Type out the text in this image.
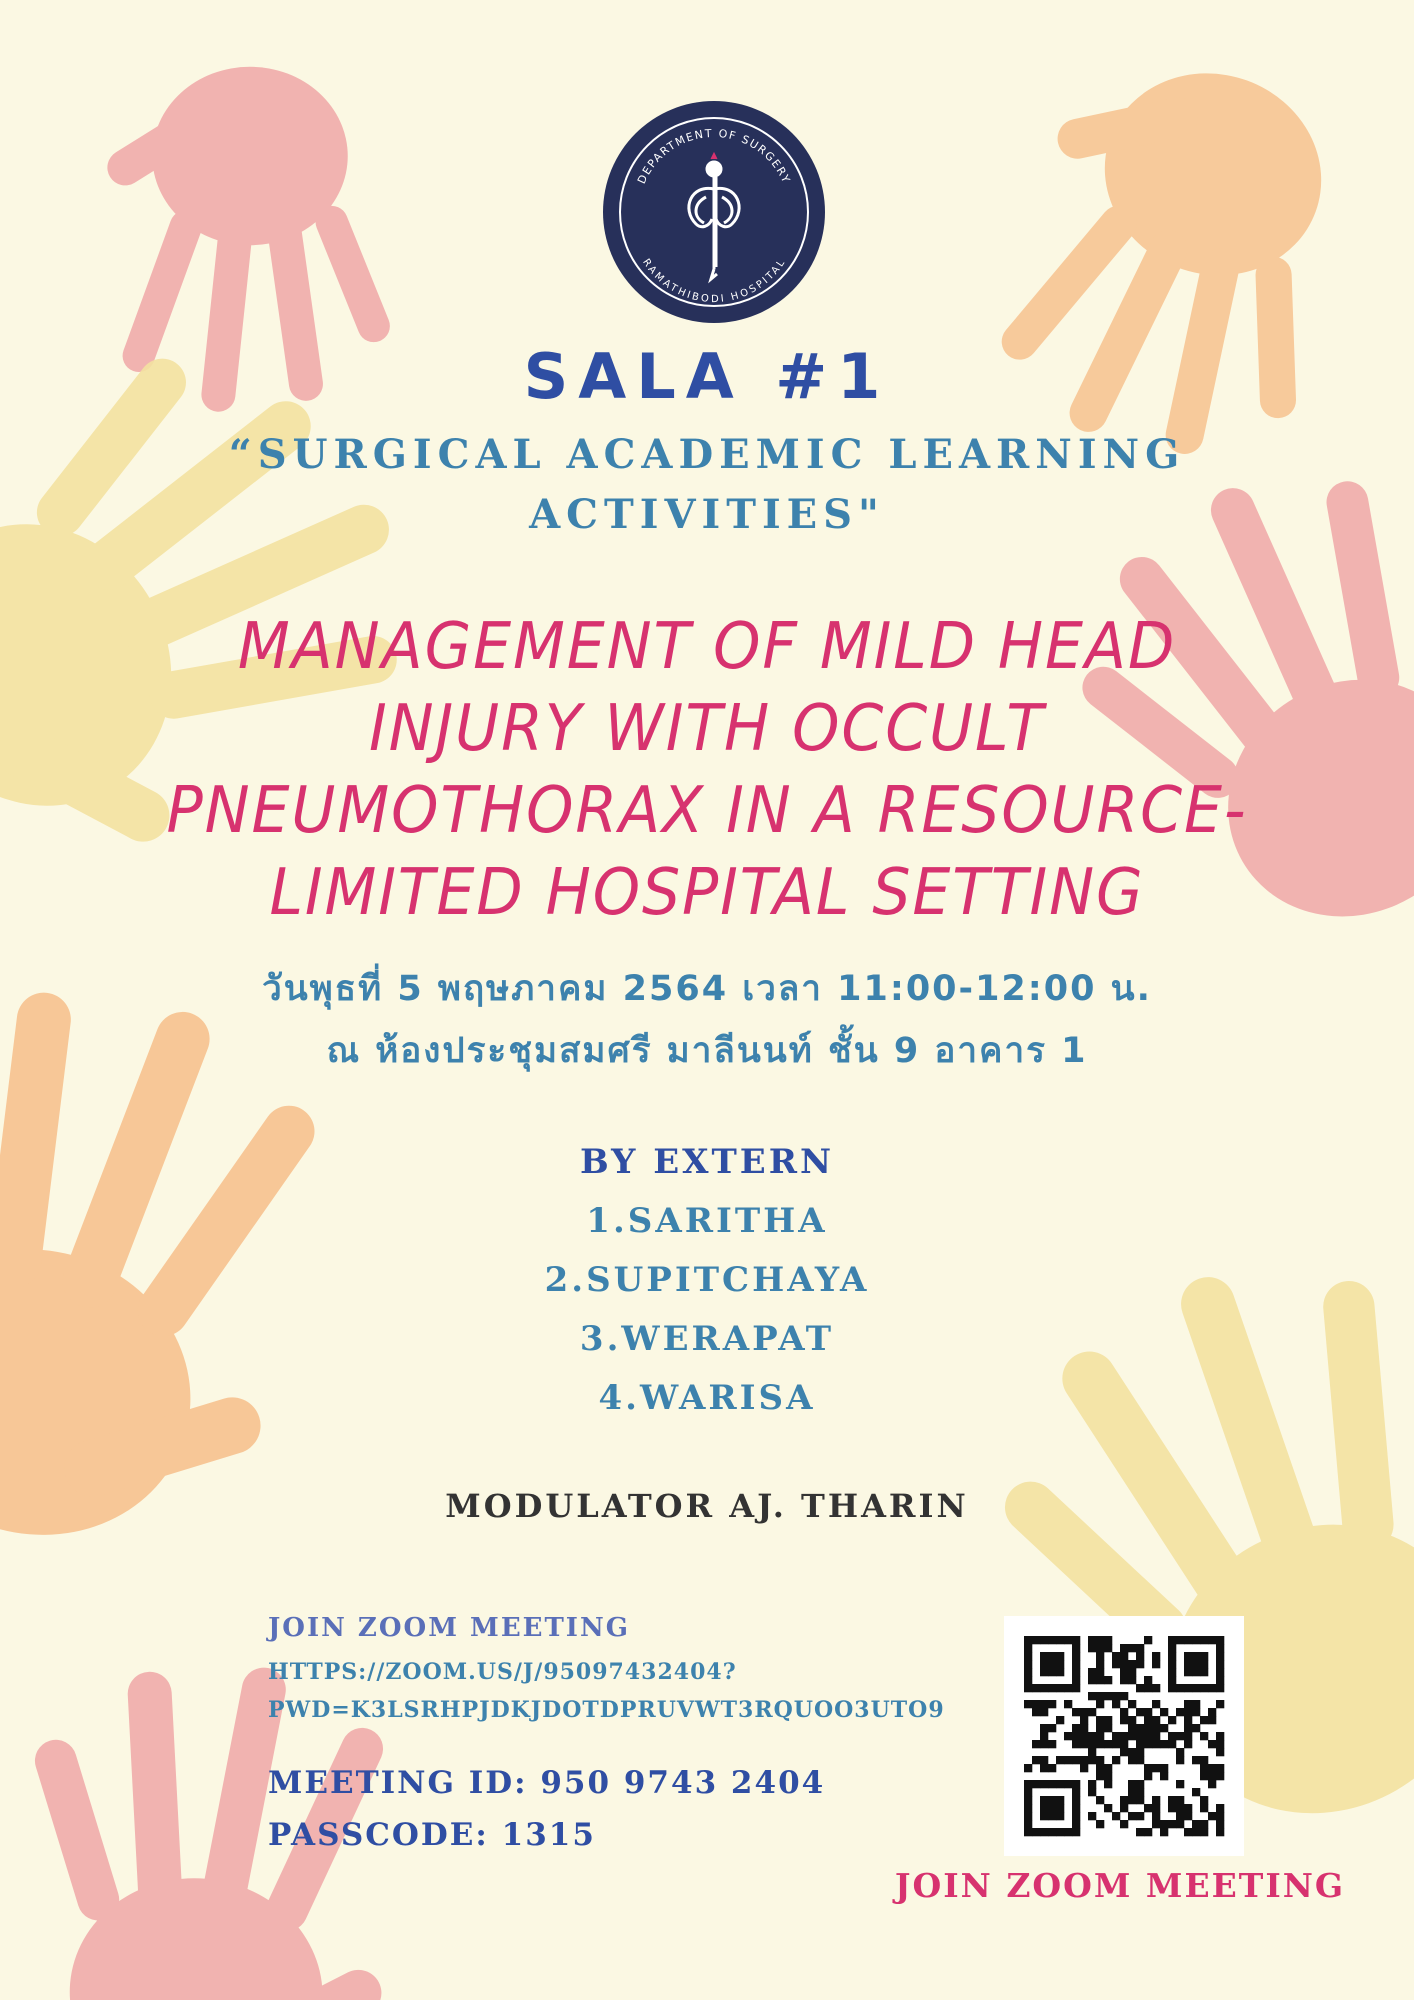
DEPARTMENT OF SURGERY
RAMATHIBODI HOSPITAL
SALA #1
“SURGICAL ACADEMIC LEARNING
ACTIVITIES"
MANAGEMENT OF MILD HEAD
INJURY WITH OCCULT
PNEUMOTHORAX IN A RESOURCE-
LIMITED HOSPITAL SETTING
วันพุธที่ 5 พฤษภาคม 2564 เวลา 11:00-12:00 น.
ณ ห้องประชุมสมศรี มาลีนนท์ ชั้น 9 อาคาร 1
BY EXTERN
1.SARITHA
2.SUPITCHAYA
3.WERAPAT
4.WARISA
MODULATOR AJ. THARIN
JOIN ZOOM MEETING
HTTPS://ZOOM.US/J/95097432404?
PWD=K3LSRHPJDKJDOTDPRUVWT3RQUOO3UTO9
MEETING ID: 950 9743 2404
PASSCODE: 1315
JOIN ZOOM MEETING
